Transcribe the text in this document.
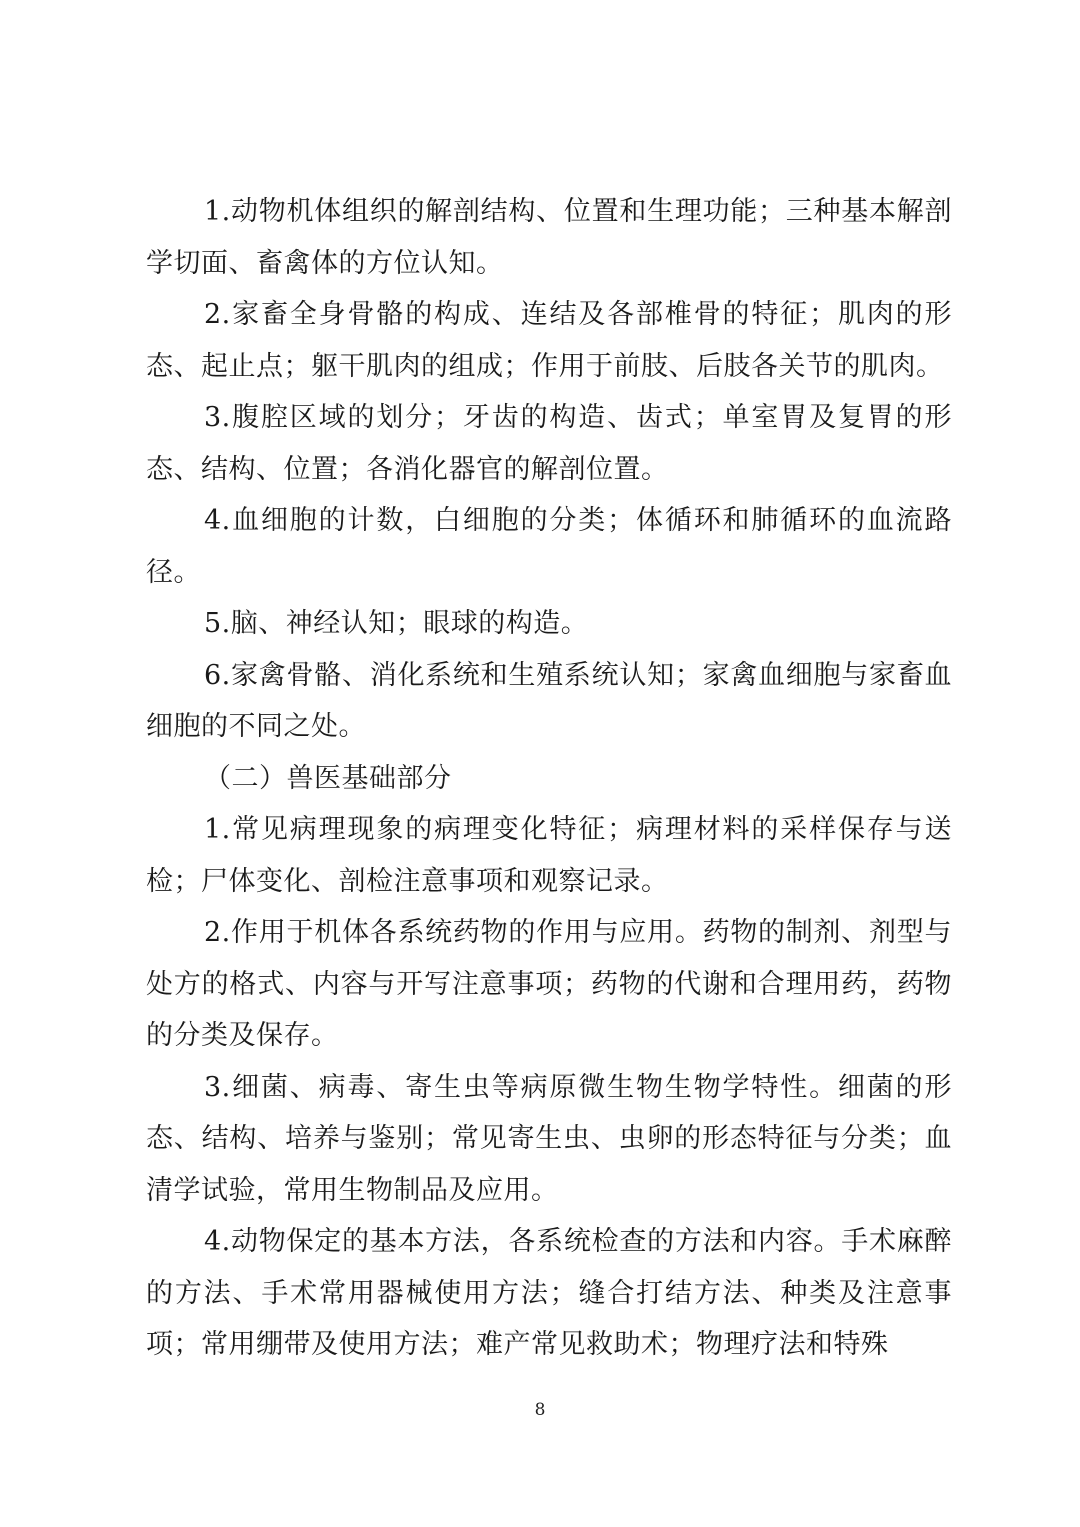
1.动物机体组织的解剖结构、位置和生理功能；三种基本解剖学切面、畜禽体的方位认知。

2.家畜全身骨骼的构成、连结及各部椎骨的特征；肌肉的形态、起止点；躯干肌肉的组成；作用于前肢、后肢各关节的肌肉。

3.腹腔区域的划分；牙齿的构造、齿式；单室胃及复胃的形态、结构、位置；各消化器官的解剖位置。

4.血细胞的计数，白细胞的分类；体循环和肺循环的血流路径。

5.脑、神经认知；眼球的构造。

6.家禽骨骼、消化系统和生殖系统认知；家禽血细胞与家畜血细胞的不同之处。

（二）兽医基础部分

1.常见病理现象的病理变化特征；病理材料的采样保存与送检；尸体变化、剖检注意事项和观察记录。

2.作用于机体各系统药物的作用与应用。药物的制剂、剂型与处方的格式、内容与开写注意事项；药物的代谢和合理用药，药物的分类及保存。

3.细菌、病毒、寄生虫等病原微生物生物学特性。细菌的形态、结构、培养与鉴别；常见寄生虫、虫卵的形态特征与分类；血清学试验，常用生物制品及应用。

4.动物保定的基本方法，各系统检查的方法和内容。手术麻醉的方法、手术常用器械使用方法；缝合打结方法、种类及注意事项；常用绷带及使用方法；难产常见救助术；物理疗法和特殊

8
